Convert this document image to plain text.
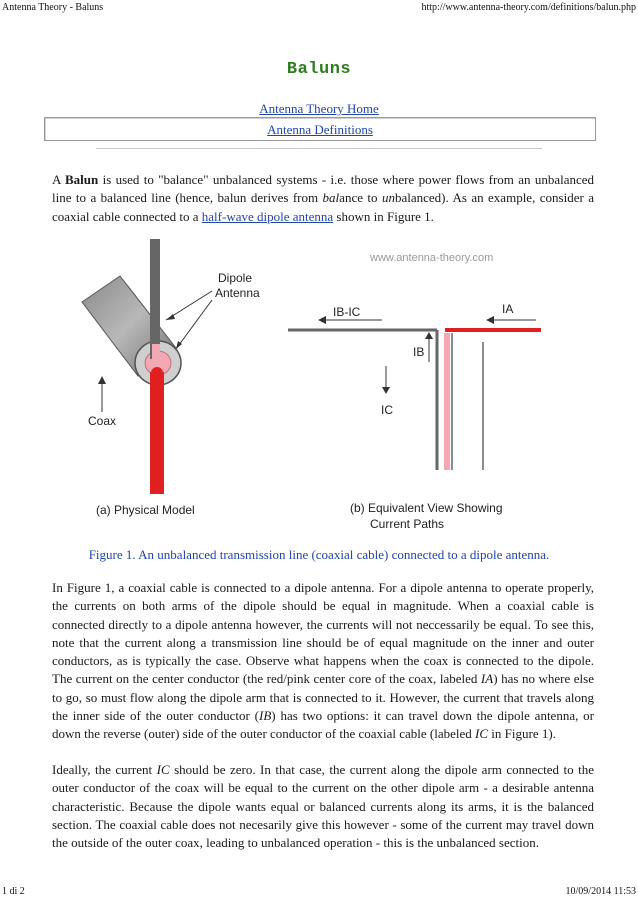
Antenna Theory - Baluns	http://www.antenna-theory.com/definitions/balun.php
Baluns
Antenna Theory Home
Antenna Definitions
A Balun is used to "balance" unbalanced systems - i.e. those where power flows from an unbalanced line to a balanced line (hence, balun derives from balance to unbalanced). As an example, consider a coaxial cable connected to a half-wave dipole antenna shown in Figure 1.
www.antenna-theory.com
Dipole
Antenna
Coax
(a) Physical Model
IB-IC	IA
IB
IC
(b) Equivalent View Showing
Current Paths
Figure 1. An unbalanced transmission line (coaxial cable) connected to a dipole antenna.
In Figure 1, a coaxial cable is connected to a dipole antenna. For a dipole antenna to operate properly, the currents on both arms of the dipole should be equal in magnitude. When a coaxial cable is connected directly to a dipole antenna however, the currents will not neccessarily be equal. To see this, note that the current along a transmission line should be of equal magnitude on the inner and outer conductors, as is typically the case. Observe what happens when the coax is connected to the dipole. The current on the center conductor (the red/pink center core of the coax, labeled IA) has no where else to go, so must flow along the dipole arm that is connected to it. However, the current that travels along the inner side of the outer conductor (IB) has two options: it can travel down the dipole antenna, or down the reverse (outer) side of the outer conductor of the coaxial cable (labeled IC in Figure 1).
Ideally, the current IC should be zero. In that case, the current along the dipole arm connected to the outer conductor of the coax will be equal to the current on the other dipole arm - a desirable antenna characteristic. Because the dipole wants equal or balanced currents along its arms, it is the balanced section. The coaxial cable does not necesarily give this however - some of the current may travel down the outside of the outer coax, leading to unbalanced operation - this is the unbalanced section.
1 di 2	10/09/2014 11:53
